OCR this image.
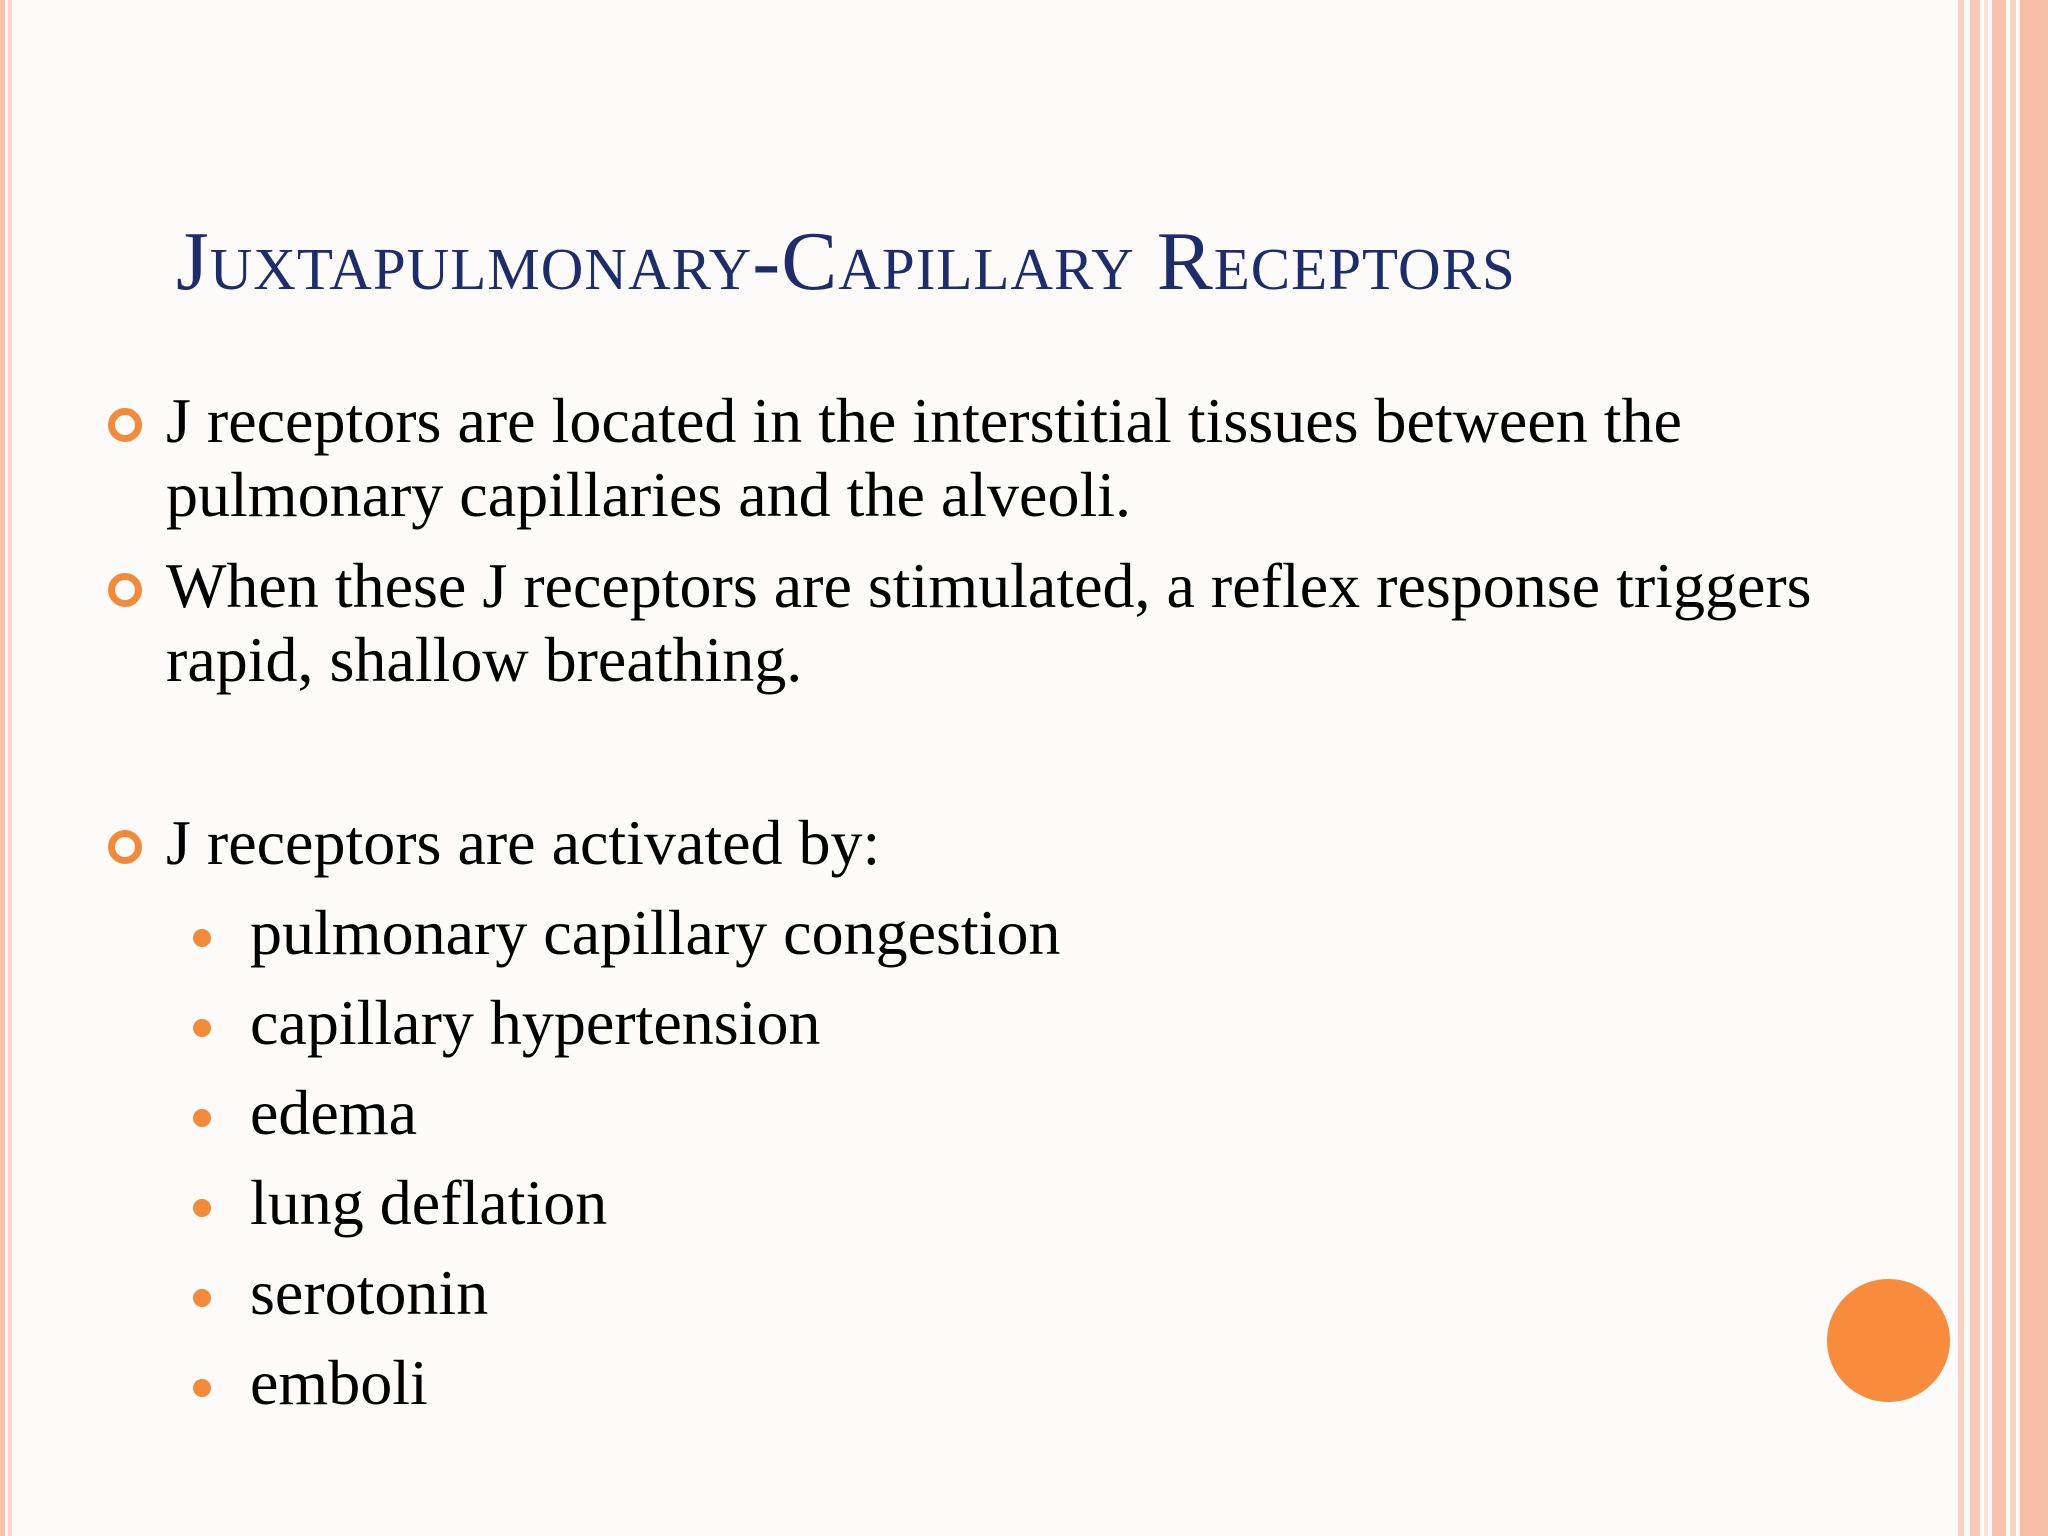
Juxtapulmonary-Capillary Receptors
J receptors are located in the interstitial tissues between the pulmonary capillaries and the alveoli.
When these J receptors are stimulated, a reflex response triggers rapid, shallow breathing.
J receptors are activated by:
pulmonary capillary congestion
capillary hypertension
edema
lung deflation
serotonin
emboli
